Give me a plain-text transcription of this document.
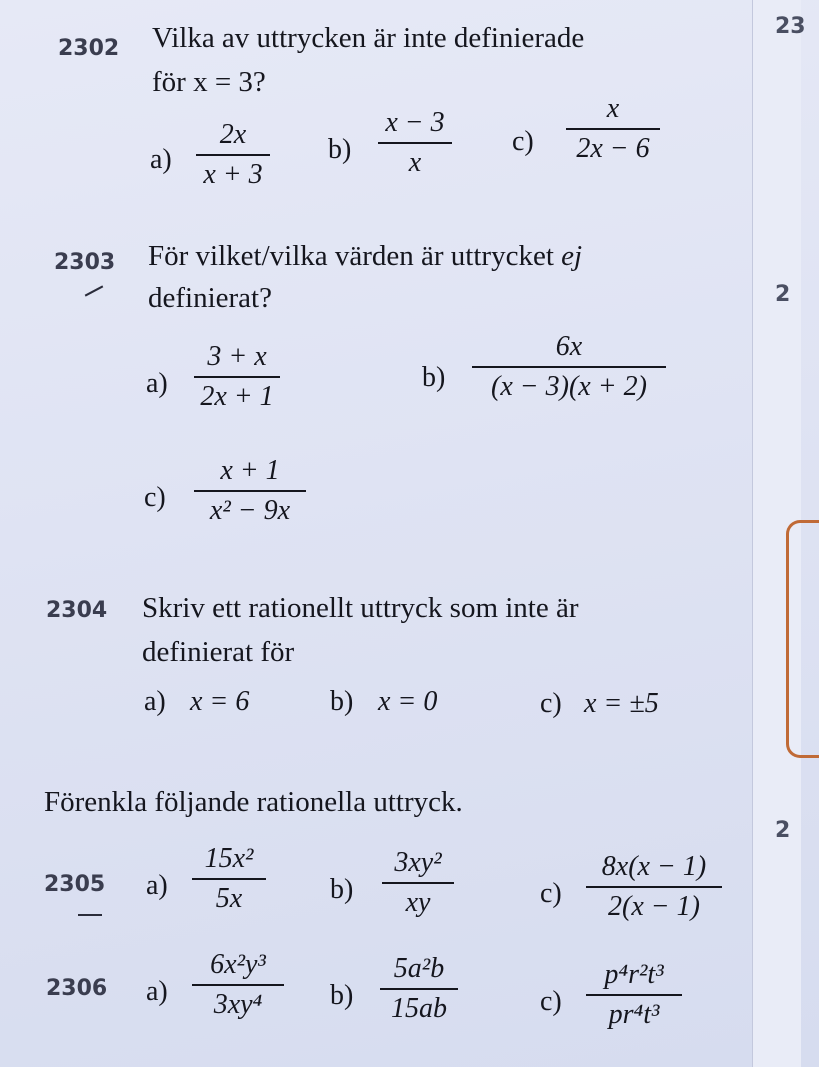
23
2
2
2302 Vilka av uttrycken är inte definierade
för x = 3?
a)
2x
x + 3
b)
x − 3
x
c)
x
2x − 6
2303 För vilket/vilka värden är uttrycket ej
definierat?
a)
3 + x
2x + 1
b)
6x
(x − 3)(x + 2)
c)
x + 1
x² − 9x
2304 Skriv ett rationellt uttryck som inte är
definierat för
a) x = 6	b) x = 0	c) x = ±5
Förenkla följande rationella uttryck.
2305 a)
15x²
5x	b)
3xy²
xy	c)
8x(x − 1)
2(x − 1)
2306 a)
6x²y³
3xy⁴ b)
5a²b
15ab	c)
p⁴r²t³
pr⁴t³
